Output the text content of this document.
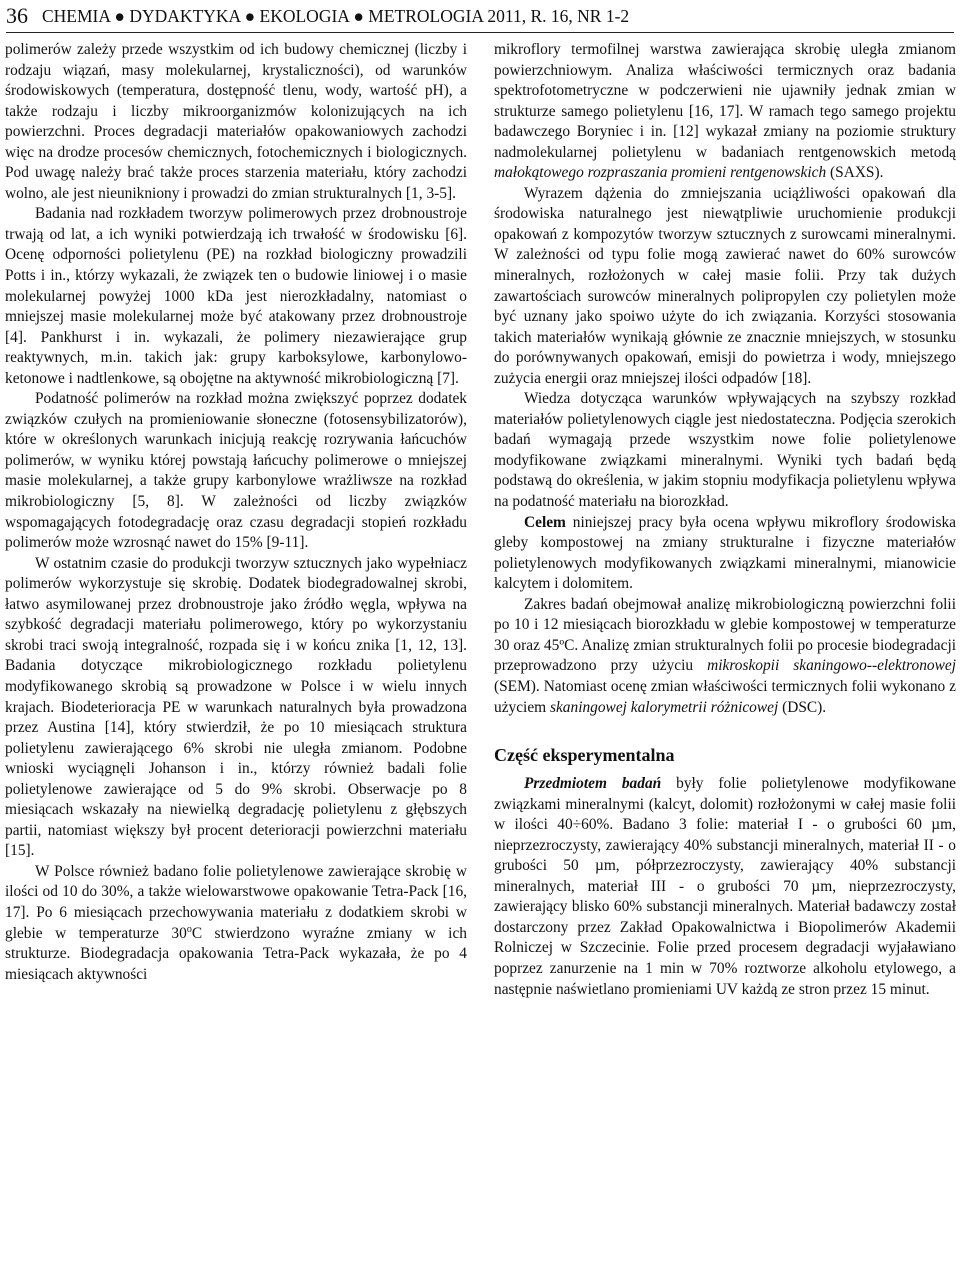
36 CHEMIA ● DYDAKTYKA ● EKOLOGIA ● METROLOGIA 2011, R. 16, NR 1-2

polimerów zależy przede wszystkim od ich budowy chemicznej (liczby i rodzaju wiązań, masy molekularnej, krystaliczności), od warunków środowiskowych (temperatura, dostępność tlenu, wody, wartość pH), a także rodzaju i liczby mikroorganizmów kolonizujących na ich powierzchni. Proces degradacji materiałów opakowaniowych zachodzi więc na drodze procesów chemicznych, fotochemicznych i biologicznych. Pod uwagę należy brać także proces starzenia materiału, który zachodzi wolno, ale jest nieunikniony i prowadzi do zmian strukturalnych [1, 3-5].

Badania nad rozkładem tworzyw polimerowych przez drobnoustroje trwają od lat, a ich wyniki potwierdzają ich trwałość w środowisku [6]. Ocenę odporności polietylenu (PE) na rozkład biologiczny prowadzili Potts i in., którzy wykazali, że związek ten o budowie liniowej i o masie molekularnej powyżej 1000 kDa jest nierozkładalny, natomiast o mniejszej masie molekularnej może być atakowany przez drobnoustroje [4]. Pankhurst i in. wykazali, że polimery niezawierające grup reaktywnych, m.in. takich jak: grupy karboksylowe, karbonylowo-ketonowe i nadtlenkowe, są obojętne na aktywność mikrobiologiczną [7].

Podatność polimerów na rozkład można zwiększyć poprzez dodatek związków czułych na promieniowanie słoneczne (fotosensybilizatorów), które w określonych warunkach inicjują reakcję rozrywania łańcuchów polimerów, w wyniku której powstają łańcuchy polimerowe o mniejszej masie molekularnej, a także grupy karbonylowe wrażliwsze na rozkład mikrobiologiczny [5, 8]. W zależności od liczby związków wspomagających fotodegradację oraz czasu degradacji stopień rozkładu polimerów może wzrosnąć nawet do 15% [9-11].

W ostatnim czasie do produkcji tworzyw sztucznych jako wypełniacz polimerów wykorzystuje się skrobię. Dodatek biodegradowalnej skrobi, łatwo asymilowanej przez drobnoustroje jako źródło węgla, wpływa na szybkość degradacji materiału polimerowego, który po wykorzystaniu skrobi traci swoją integralność, rozpada się i w końcu znika [1, 12, 13]. Badania dotyczące mikrobiologicznego rozkładu polietylenu modyfikowanego skrobią są prowadzone w Polsce i w wielu innych krajach. Biodeterioracja PE w warunkach naturalnych była prowadzona przez Austina [14], który stwierdził, że po 10 miesiącach struktura polietylenu zawierającego 6% skrobi nie uległa zmianom. Podobne wnioski wyciągnęli Johanson i in., którzy również badali folie polietylenowe zawierające od 5 do 9% skrobi. Obserwacje po 8 miesiącach wskazały na niewielką degradację polietylenu z głębszych partii, natomiast większy był procent deterioracji powierzchni materiału [15].

W Polsce również badano folie polietylenowe zawierające skrobię w ilości od 10 do 30%, a także wielowarstwowe opakowanie Tetra-Pack [16, 17]. Po 6 miesiącach przechowywania materiału z dodatkiem skrobi w glebie w temperaturze 30$^o$C stwierdzono wyraźne zmiany w ich strukturze. Biodegradacja opakowania Tetra-Pack wykazała, że po 4 miesiącach aktywności

mikroflory termofilnej warstwa zawierająca skrobię uległa zmianom powierzchniowym. Analiza właściwości termicznych oraz badania spektrofotometryczne w podczerwieni nie ujawniły jednak zmian w strukturze samego polietylenu [16, 17]. W ramach tego samego projektu badawczego Boryniec i in. [12] wykazał zmiany na poziomie struktury nadmolekularnej polietylenu w badaniach rentgenowskich metodą małokątowego rozpraszania promieni rentgenowskich (SAXS).

Wyrazem dążenia do zmniejszania uciążliwości opakowań dla środowiska naturalnego jest niewątpliwie uruchomienie produkcji opakowań z kompozytów tworzyw sztucznych z surowcami mineralnymi. W zależności od typu folie mogą zawierać nawet do 60% surowców mineralnych, rozłożonych w całej masie folii. Przy tak dużych zawartościach surowców mineralnych polipropylen czy polietylen może być uznany jako spoiwo użyte do ich związania. Korzyści stosowania takich materiałów wynikają głównie ze znacznie mniejszych, w stosunku do porównywanych opakowań, emisji do powietrza i wody, mniejszego zużycia energii oraz mniejszej ilości odpadów [18].

Wiedza dotycząca warunków wpływających na szybszy rozkład materiałów polietylenowych ciągle jest niedostateczna. Podjęcia szerokich badań wymagają przede wszystkim nowe folie polietylenowe modyfikowane związkami mineralnymi. Wyniki tych badań będą podstawą do określenia, w jakim stopniu modyfikacja polietylenu wpływa na podatność materiału na biorozkład.

Celem niniejszej pracy była ocena wpływu mikroflory środowiska gleby kompostowej na zmiany strukturalne i fizyczne materiałów polietylenowych modyfikowanych związkami mineralnymi, mianowicie kalcytem i dolomitem.

Zakres badań obejmował analizę mikrobiologiczną powierzchni folii po 10 i 12 miesiącach biorozkładu w glebie kompostowej w temperaturze 30 oraz 45ºC. Analizę zmian strukturalnych folii po procesie biodegradacji przeprowadzono przy użyciu mikroskopii skaningowo--elektronowej (SEM). Natomiast ocenę zmian właściwości termicznych folii wykonano z użyciem skaningowej kalorymetrii różnicowej (DSC).

Część eksperymentalna

Przedmiotem badań były folie polietylenowe modyfikowane związkami mineralnymi (kalcyt, dolomit) rozłożonymi w całej masie folii w ilości 40÷60%. Badano 3 folie: materiał I - o grubości 60 µm, nieprzezroczysty, zawierający 40% substancji mineralnych, materiał II - o grubości 50 µm, półprzezroczysty, zawierający 40% substancji mineralnych, materiał III - o grubości 70 µm, nieprzezroczysty, zawierający blisko 60% substancji mineralnych. Materiał badawczy został dostarczony przez Zakład Opakowalnictwa i Biopolimerów Akademii Rolniczej w Szczecinie. Folie przed procesem degradacji wyjaławiano poprzez zanurzenie na 1 min w 70% roztworze alkoholu etylowego, a następnie naświetlano promieniami UV każdą ze stron przez 15 minut.
